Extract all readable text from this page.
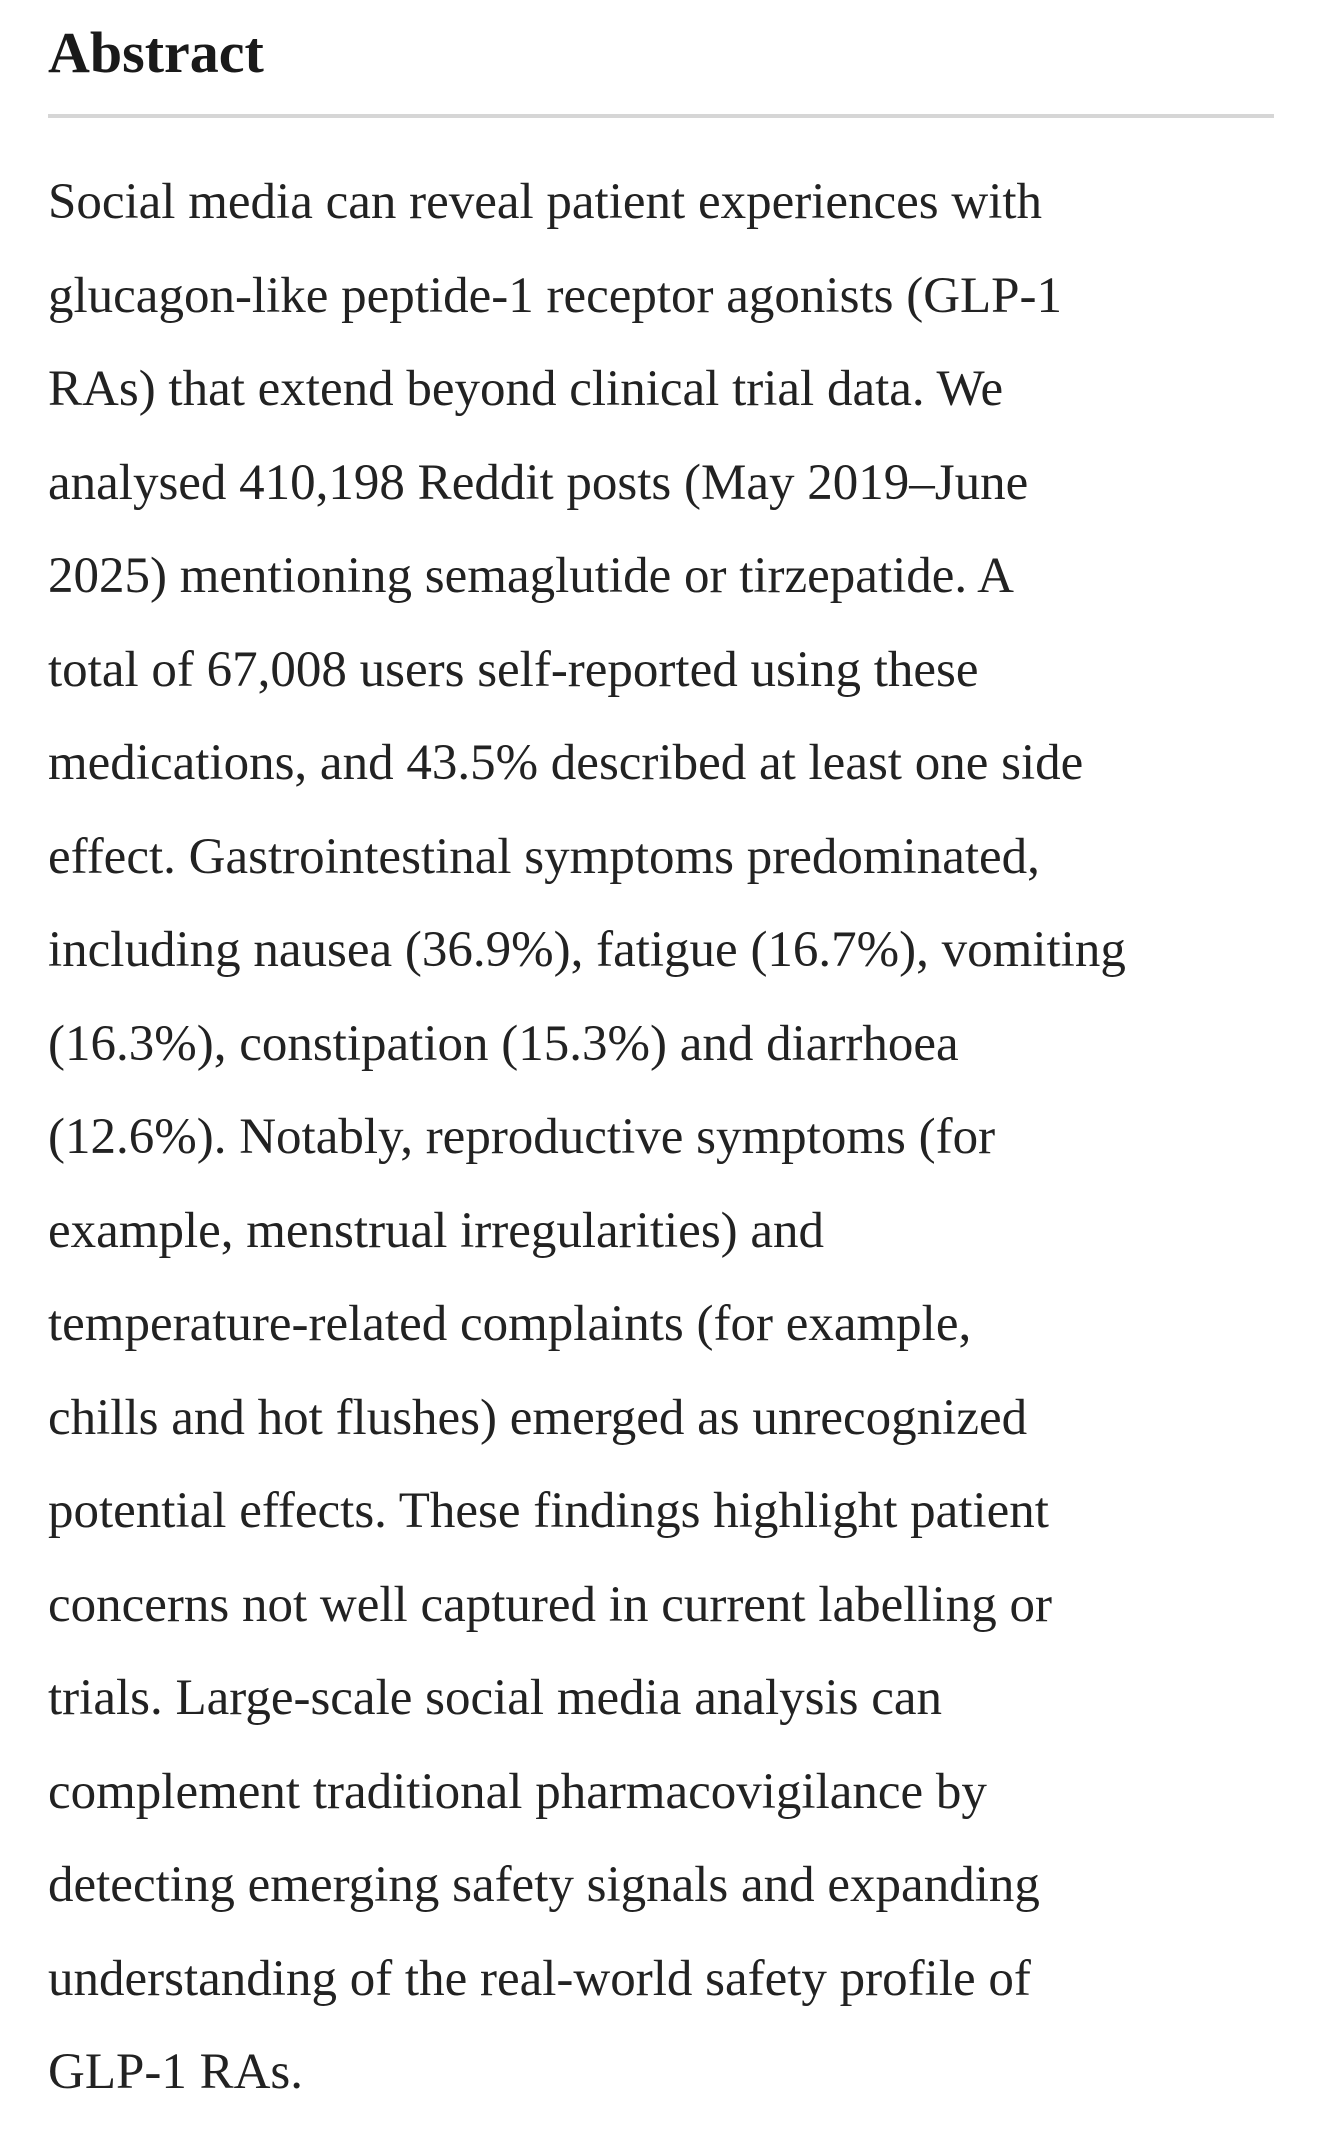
Abstract

Social media can reveal patient experiences with
glucagon-like peptide-1 receptor agonists (GLP-1
RAs) that extend beyond clinical trial data. We
analysed 410,198 Reddit posts (May 2019–June
2025) mentioning semaglutide or tirzepatide. A
total of 67,008 users self-reported using these
medications, and 43.5% described at least one side
effect. Gastrointestinal symptoms predominated,
including nausea (36.9%), fatigue (16.7%), vomiting
(16.3%), constipation (15.3%) and diarrhoea
(12.6%). Notably, reproductive symptoms (for
example, menstrual irregularities) and
temperature-related complaints (for example,
chills and hot flushes) emerged as unrecognized
potential effects. These findings highlight patient
concerns not well captured in current labelling or
trials. Large-scale social media analysis can
complement traditional pharmacovigilance by
detecting emerging safety signals and expanding
understanding of the real-world safety profile of
GLP-1 RAs.
